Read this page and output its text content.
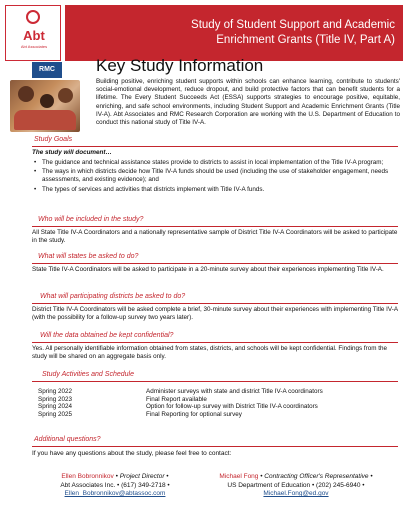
Abt
Abt Associates
Study of Student Support and Academic
Enrichment Grants (Title IV, Part A)
RMC	Key Study Information
Building positive, enriching student supports within schools can enhance learning, contribute to students' social-emotional development, reduce dropout, and build protective factors that can benefit students for a lifetime. The Every Student Succeeds Act (ESSA) supports strategies to encourage positive, equitable, enriching, and safe school environments, including Student Support and Academic Enrichment Grants (Title IV-A). Abt Associates and RMC Research Corporation are working with the U.S. Department of Education to conduct this national study of Title IV-A.
Study Goals
The study will document…
• The guidance and technical assistance states provide to districts to assist in local implementation of the Title IV-A program;
• The ways in which districts decide how Title IV-A funds should be used (including the use of stakeholder engagement, needs assessments, and existing evidence); and
• The types of services and activities that districts implement with Title IV-A funds.
Who will be included in the study?
All State Title IV-A Coordinators and a nationally representative sample of District Title IV-A Coordinators will be asked to participate in the study.
What will states be asked to do?
State Title IV-A Coordinators will be asked to participate in a 20-minute survey about their experiences implementing Title IV-A.
What will participating districts be asked to do?
District Title IV-A Coordinators will be asked complete a brief, 30-minute survey about their experiences with implementing Title IV-A (with the possibility for a follow-up survey two years later).
Will the data obtained be kept confidential?
Yes. All personally identifiable information obtained from states, districts, and schools will be kept confidential. Findings from the study will be shared on an aggregate basis only.
Study Activities and Schedule
Spring 2022	Administer surveys with state and district Title IV-A coordinators
Spring 2023	Final Report available
Spring 2024	Option for follow-up survey with District Title IV-A coordinators
Spring 2025	Final Reporting for optional survey
Additional questions?
If you have any questions about the study, please feel free to contact:
Ellen Bobronnikov • Project Director •
Abt Associates Inc. • (617) 349-2718 •
Ellen_Bobronnikov@abtassoc.com
Michael Fong • Contracting Officer's Representative •
US Department of Education • (202) 245-6940 •
Michael.Fong@ed.gov
